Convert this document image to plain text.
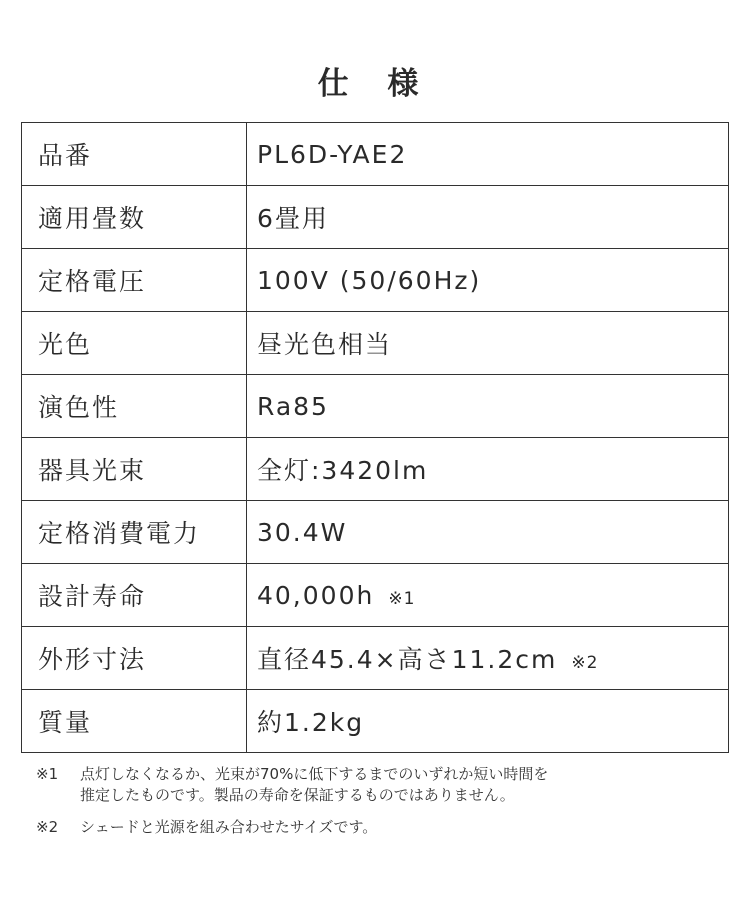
仕 様
品番	PL6D-YAE2
適用畳数	6畳用
定格電圧	100V (50/60Hz)
光色	昼光色相当
演色性	Ra85
器具光束	全灯:3420lm
定格消費電力	30.4W
設計寿命	40,000h ※1
外形寸法	直径45.4×高さ11.2cm ※2
質量	約1.2kg
※1	点灯しなくなるか、光束が70%に低下するまでのいずれか短い時間を
推定したものです。製品の寿命を保証するものではありません。
※2	シェードと光源を組み合わせたサイズです。
